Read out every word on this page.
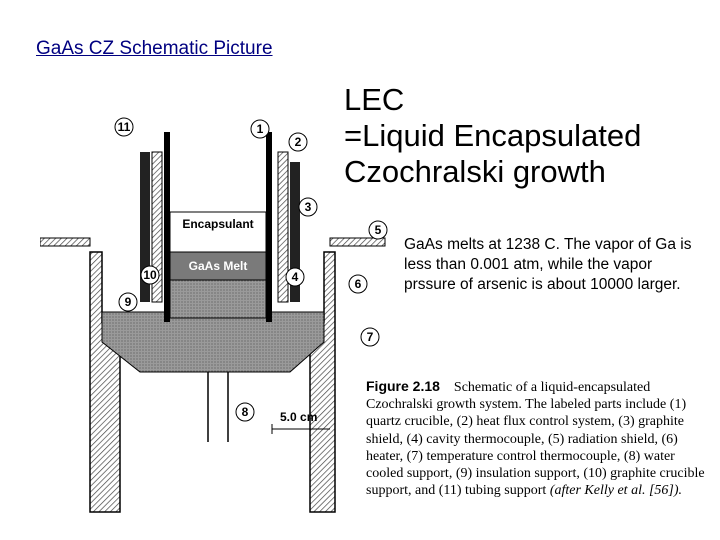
GaAs CZ Schematic Picture
LEC
=Liquid Encapsulated
Czochralski growth
GaAs melts at 1238 C. The vapor of Ga is less than 0.001 atm, while the vapor prssure of arsenic is about 10000 larger.
Encapsulant
GaAs Melt
5.0 cm
11	1
2
3
4
5
6
7
8
9
10
Figure 2.18 Schematic of a liquid-encapsulated Czochralski growth system. The labeled parts include (1) quartz crucible, (2) heat flux control system, (3) graphite shield, (4) cavity thermocouple, (5) radiation shield, (6) heater, (7) temperature control thermocouple, (8) water cooled support, (9) insulation support, (10) graphite crucible support, and (11) tubing support (after Kelly et al. [56]).
